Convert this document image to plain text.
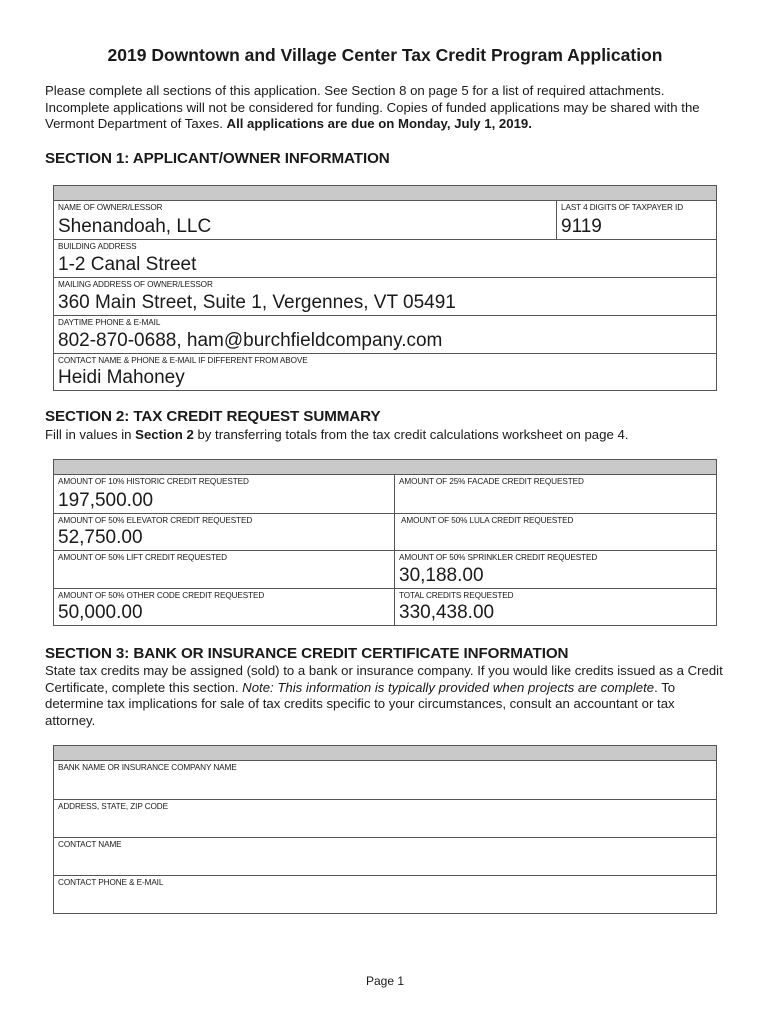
2019 Downtown and Village Center Tax Credit Program Application
Please complete all sections of this application. See Section 8 on page 5 for a list of required attachments.
Incomplete applications will not be considered for funding. Copies of funded applications may be shared with the
Vermont Department of Taxes. All applications are due on Monday, July 1, 2019.
SECTION 1: APPLICANT/OWNER INFORMATION
NAME OF OWNER/LESSOR
Shenandoah, LLC
LAST 4 DIGITS OF TAXPAYER ID
9119
BUILDING ADDRESS
1-2 Canal Street
MAILING ADDRESS OF OWNER/LESSOR
360 Main Street, Suite 1, Vergennes, VT 05491
DAYTIME PHONE & E-MAIL
802-870-0688, ham@burchfieldcompany.com
CONTACT NAME & PHONE & E-MAIL IF DIFFERENT FROM ABOVE
Heidi Mahoney
SECTION 2: TAX CREDIT REQUEST SUMMARY
Fill in values in Section 2 by transferring totals from the tax credit calculations worksheet on page 4.
AMOUNT OF 10% HISTORIC CREDIT REQUESTED
197,500.00
AMOUNT OF 25% FACADE CREDIT REQUESTED
AMOUNT OF 50% ELEVATOR CREDIT REQUESTED
52,750.00
AMOUNT OF 50% LULA CREDIT REQUESTED
AMOUNT OF 50% LIFT CREDIT REQUESTED	AMOUNT OF 50% SPRINKLER CREDIT REQUESTED
30,188.00
AMOUNT OF 50% OTHER CODE CREDIT REQUESTED
50,000.00
TOTAL CREDITS REQUESTED
330,438.00
SECTION 3: BANK OR INSURANCE CREDIT CERTIFICATE INFORMATION
State tax credits may be assigned (sold) to a bank or insurance company. If you would like credits issued as a Credit
Certificate, complete this section. Note: This information is typically provided when projects are complete. To
determine tax implications for sale of tax credits specific to your circumstances, consult an accountant or tax
attorney.
BANK NAME OR INSURANCE COMPANY NAME
ADDRESS, STATE, ZIP CODE
CONTACT NAME
CONTACT PHONE & E-MAIL
Page 1
